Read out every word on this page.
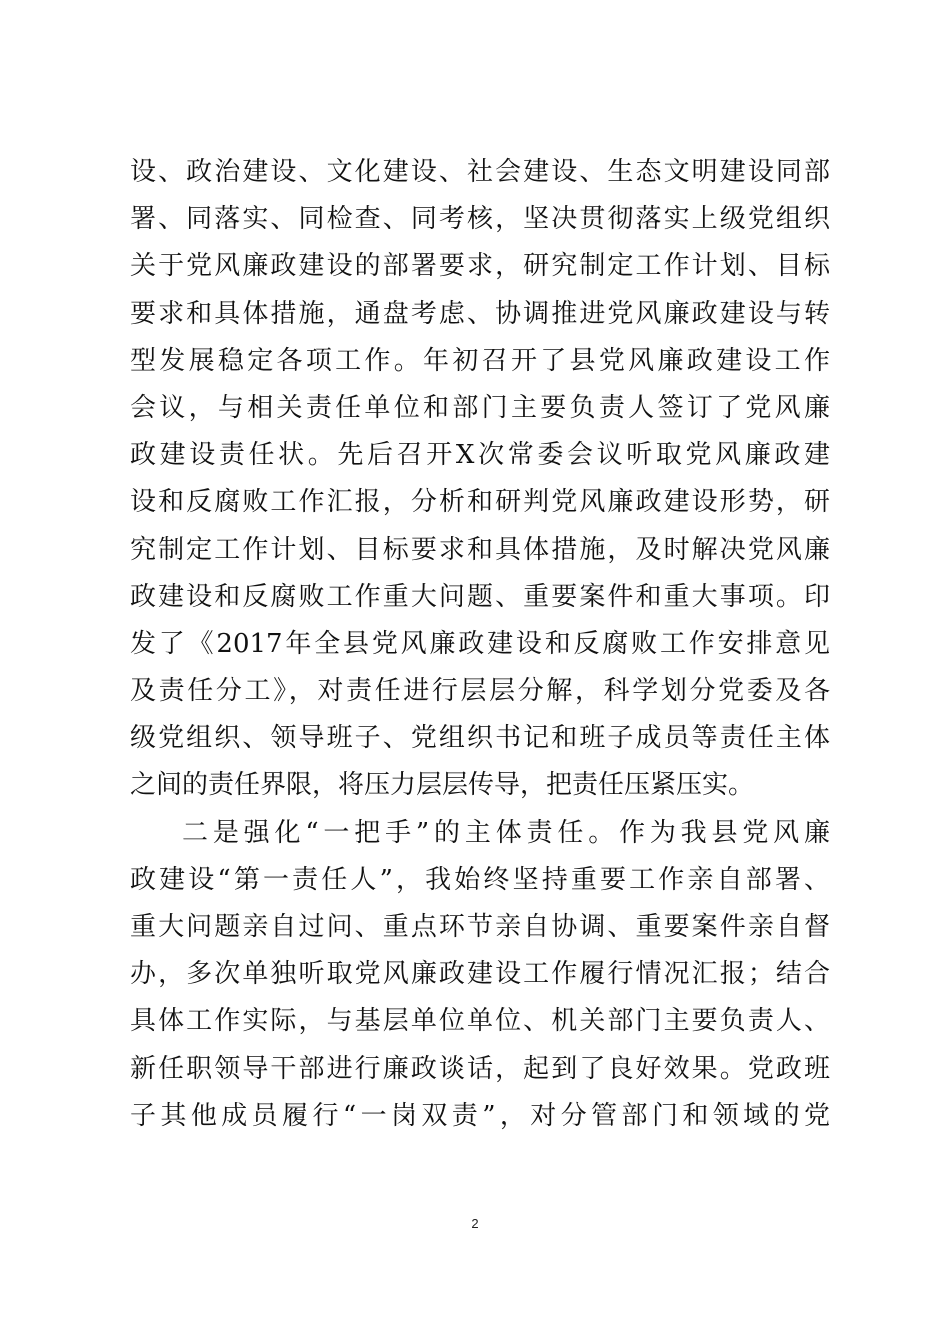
设、政治建设、文化建设、社会建设、生态文明建设同部
署、同落实、同检查、同考核，坚决贯彻落实上级党组织
关于党风廉政建设的部署要求，研究制定工作计划、目标
要求和具体措施，通盘考虑、协调推进党风廉政建设与转
型发展稳定各项工作。年初召开了县党风廉政建设工作
会议，与相关责任单位和部门主要负责人签订了党风廉
政建设责任状。先后召开X次常委会议听取党风廉政建
设和反腐败工作汇报，分析和研判党风廉政建设形势，研
究制定工作计划、目标要求和具体措施，及时解决党风廉
政建设和反腐败工作重大问题、重要案件和重大事项。印
发了《2017年全县党风廉政建设和反腐败工作安排意见
及责任分工》，对责任进行层层分解，科学划分党委及各
级党组织、领导班子、党组织书记和班子成员等责任主体
之间的责任界限，将压力层层传导，把责任压紧压实。
二是强化“一把手”的主体责任。作为我县党风廉
政建设“第一责任人”，我始终坚持重要工作亲自部署、
重大问题亲自过问、重点环节亲自协调、重要案件亲自督
办，多次单独听取党风廉政建设工作履行情况汇报；结合
具体工作实际，与基层单位单位、机关部门主要负责人、
新任职领导干部进行廉政谈话，起到了良好效果。党政班
子其他成员履行“一岗双责”，对分管部门和领域的党
2
